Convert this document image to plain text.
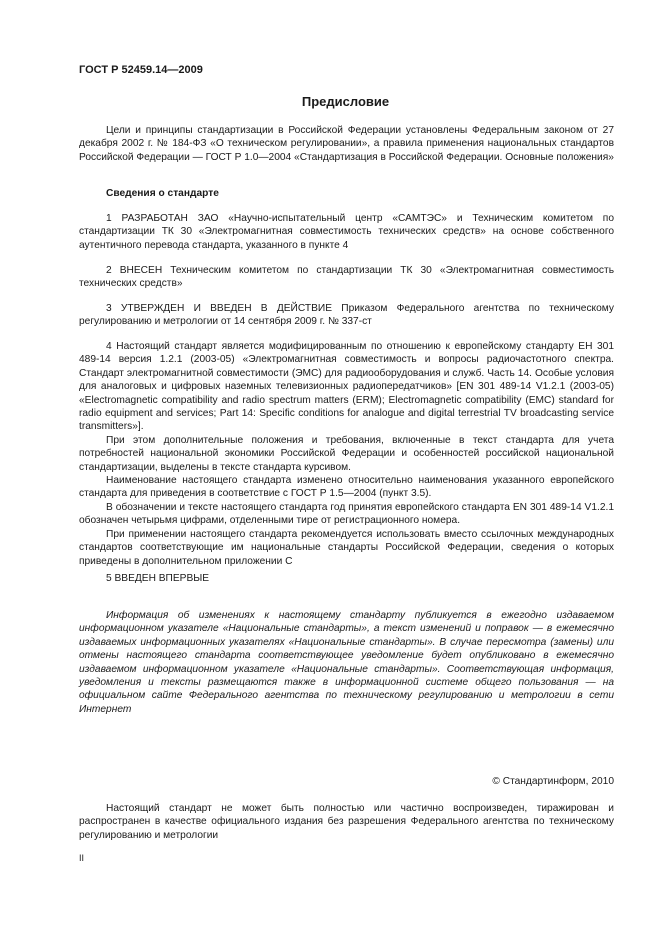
ГОСТ Р 52459.14—2009
Предисловие

Цели и принципы стандартизации в Российской Федерации установлены Федеральным законом от 27 декабря 2002 г. № 184-ФЗ «О техническом регулировании», а правила применения национальных стандартов Российской Федерации — ГОСТ Р 1.0—2004 «Стандартизация в Российской Федерации. Основные положения»

Сведения о стандарте

1 РАЗРАБОТАН ЗАО «Научно-испытательный центр «САМТЭС» и Техническим комитетом по стандартизации ТК 30 «Электромагнитная совместимость технических средств» на основе собственного аутентичного перевода стандарта, указанного в пункте 4

2 ВНЕСЕН Техническим комитетом по стандартизации ТК 30 «Электромагнитная совместимость технических средств»

3 УТВЕРЖДЕН И ВВЕДЕН В ДЕЙСТВИЕ Приказом Федерального агентства по техническому регулированию и метрологии от 14 сентября 2009 г. № 337-ст

4 Настоящий стандарт является модифицированным по отношению к европейскому стандарту ЕН 301 489-14 версия 1.2.1 (2003-05) «Электромагнитная совместимость и вопросы радиочастотного спектра. Стандарт электромагнитной совместимости (ЭМС) для радиооборудования и служб. Часть 14. Особые условия для аналоговых и цифровых наземных телевизионных радиопередатчиков» [EN 301 489-14 V1.2.1 (2003-05) «Electromagnetic compatibility and radio spectrum matters (ERM); Electromagnetic compatibility (EMC) standard for radio equipment and services; Part 14: Specific conditions for analogue and digital terrestrial TV broadcasting service transmitters»].

При этом дополнительные положения и требования, включенные в текст стандарта для учета потребностей национальной экономики Российской Федерации и особенностей российской национальной стандартизации, выделены в тексте стандарта курсивом.

Наименование настоящего стандарта изменено относительно наименования указанного европейского стандарта для приведения в соответствие с ГОСТ Р 1.5—2004 (пункт 3.5).

В обозначении и тексте настоящего стандарта год принятия европейского стандарта EN 301 489-14 V1.2.1 обозначен четырьмя цифрами, отделенными тире от регистрационного номера.

При применении настоящего стандарта рекомендуется использовать вместо ссылочных международных стандартов соответствующие им национальные стандарты Российской Федерации, сведения о которых приведены в дополнительном приложении С

5 ВВЕДЕН ВПЕРВЫЕ

Информация об изменениях к настоящему стандарту публикуется в ежегодно издаваемом информационном указателе «Национальные стандарты», а текст изменений и поправок — в ежемесячно издаваемых информационных указателях «Национальные стандарты». В случае пересмотра (замены) или отмены настоящего стандарта соответствующее уведомление будет опубликовано в ежемесячно издаваемом информационном указателе «Национальные стандарты». Соответствующая информация, уведомления и тексты размещаются также в информационной системе общего пользования — на официальном сайте Федерального агентства по техническому регулированию и метрологии в сети Интернет

© Стандартинформ, 2010

Настоящий стандарт не может быть полностью или частично воспроизведен, тиражирован и распространен в качестве официального издания без разрешения Федерального агентства по техническому регулированию и метрологии

II
